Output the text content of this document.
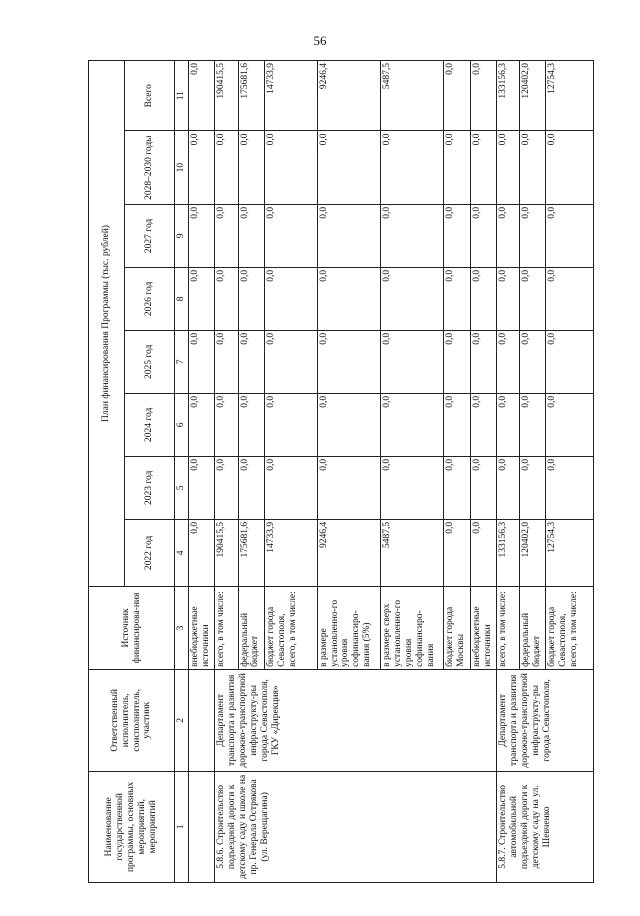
56
Наименование государственной программы, основных мероприятий, мероприятий	Ответственный исполнитель, соисполнитель, участник	Источник финансирова-ния	План финансирования Программы (тыс. рублей)							
			2022 год	2023 год	2024 год	2025 год	2026 год	2027 год	2028–2030 годы	Всего
1	2	3	4	5	6	7	8	9	10	11
		внебюджетные источники	0,0	0,0	0,0	0,0	0,0	0,0	0,0	0,0
5.8.6. Строительство подъездной дороги к детскому саду и школе на пр. Генерала Острякова (ул. Верещагина)	Департамент транспорта и развития дорожно-транспортной инфраструкту-ры города Севастополя, ГКУ «Дирекция»	всего, в том числе:	190415,5	0,0	0,0	0,0	0,0	0,0	0,0	190415,5
		федеральный бюджет	175681,6	0,0	0,0	0,0	0,0	0,0	0,0	175681,6
		бюджет города Севастополя, всего, в том числе:	14733,9	0,0	0,0	0,0	0,0	0,0	0,0	14733,9
		в размере установленно-го уровня софинансиро-вания (5%)	9246,4	0,0	0,0	0,0	0,0	0,0	0,0	9246,4
		в размере сверх установленно-го уровня софинансиро-вания	5487,5	0,0	0,0	0,0	0,0	0,0	0,0	5487,5
		бюджет города Москвы	0,0	0,0	0,0	0,0	0,0	0,0	0,0	0,0
		внебюджетные источники	0,0	0,0	0,0	0,0	0,0	0,0	0,0	0,0
5.8.7. Строительство автомобильной подъездной дороги к детскому саду на ул. Шевченко	Департамент транспорта и развития дорожно-транспортной инфраструкту-ры города Севастополя,	всего, в том числе:	133156,3	0,0	0,0	0,0	0,0	0,0	0,0	133156,3
		федеральный бюджет	120402,0	0,0	0,0	0,0	0,0	0,0	0,0	120402,0
		бюджет города Севастополя, всего, в том числе:	12754,3	0,0	0,0	0,0	0,0	0,0	0,0	12754,3
